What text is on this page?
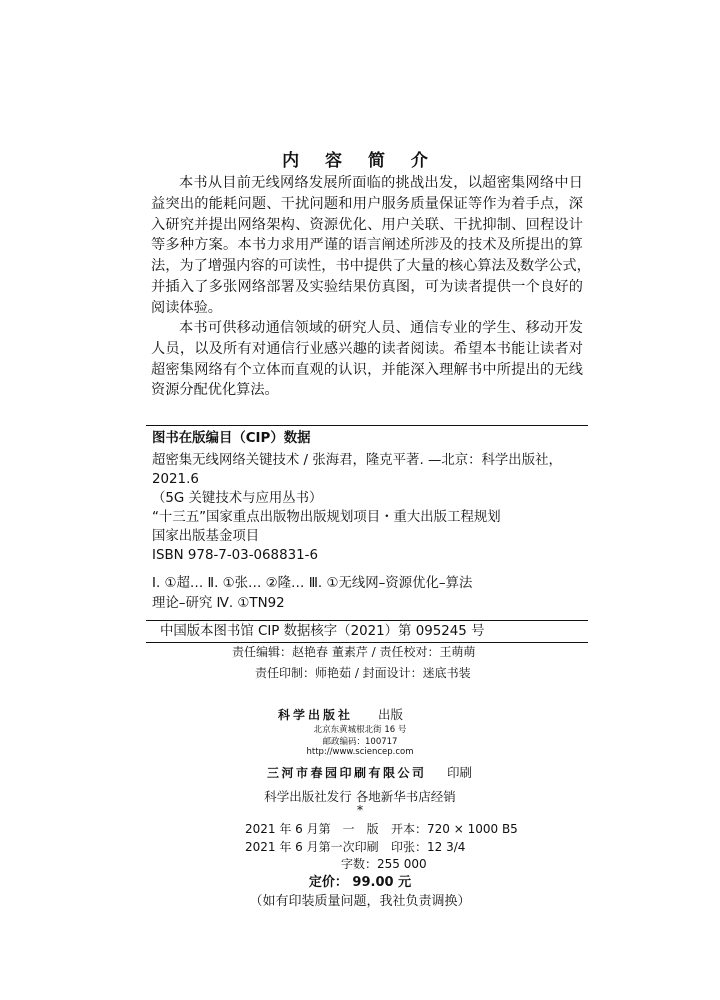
内 容 简 介
本书从目前无线网络发展所面临的挑战出发，以超密集网络中日
益突出的能耗问题、干扰问题和用户服务质量保证等作为着手点，深
入研究并提出网络架构、资源优化、用户关联、干扰抑制、回程设计
等多种方案。本书力求用严谨的语言阐述所涉及的技术及所提出的算
法，为了增强内容的可读性，书中提供了大量的核心算法及数学公式，
并插入了多张网络部署及实验结果仿真图，可为读者提供一个良好的
阅读体验。
本书可供移动通信领域的研究人员、通信专业的学生、移动开发
人员，以及所有对通信行业感兴趣的读者阅读。希望本书能让读者对
超密集网络有个立体而直观的认识，并能深入理解书中所提出的无线
资源分配优化算法。
图书在版编目（CIP）数据
超密集无线网络关键技术 / 张海君，隆克平著. —北京：科学出版社，
2021.6
（5G 关键技术与应用丛书）
“十三五”国家重点出版物出版规划项目・重大出版工程规划
国家出版基金项目
ISBN 978-7-03-068831-6
Ⅰ. ①超… Ⅱ. ①张… ②隆… Ⅲ. ①无线网–资源优化–算法
理论–研究 Ⅳ. ①TN92
中国版本图书馆 CIP 数据核字（2021）第 095245 号
责任编辑：赵艳春 董素芹 / 责任校对：王萌萌
责任印制：师艳茹 / 封面设计：迷底书装
科学出版社 出版
北京东黄城根北街 16 号
邮政编码：100717
http://www.sciencep.com
三河市春园印刷有限公司 印刷
科学出版社发行 各地新华书店经销
*
2021 年 6 月第　一　版 开本：720 × 1000 B5
2021 年 6 月第一次印刷 印张：12 3/4
字数：255 000
定价： 99.00 元
（如有印装质量问题，我社负责调换）
